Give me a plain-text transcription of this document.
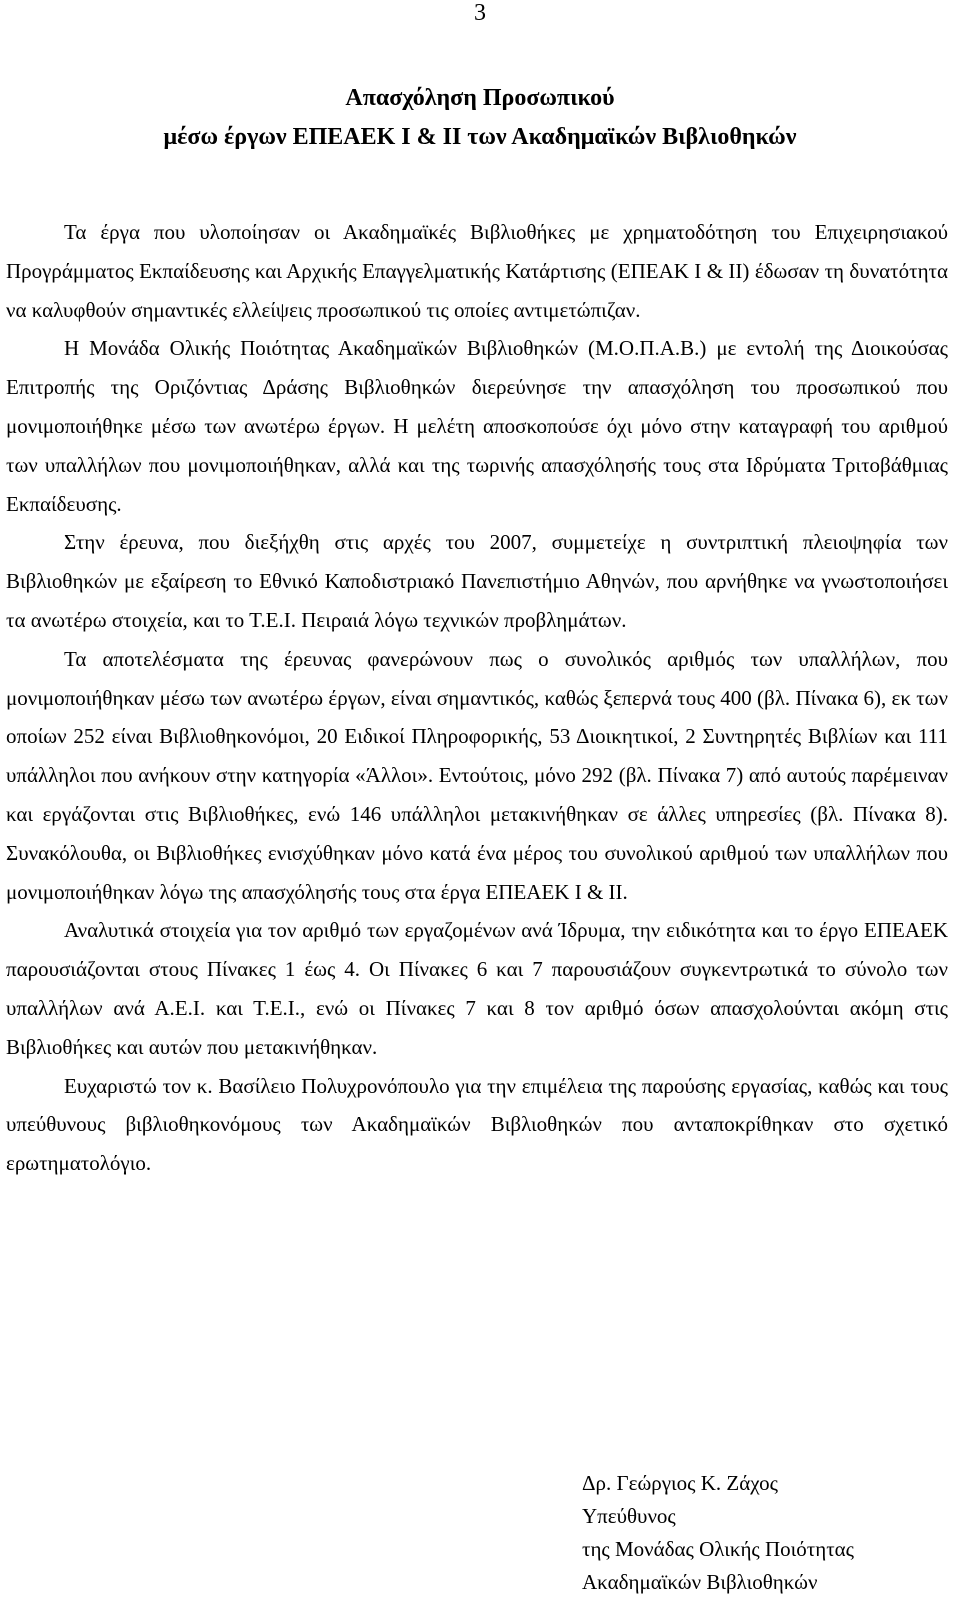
3
Απασχόληση Προσωπικού
μέσω έργων ΕΠΕΑΕΚ Ι & ΙΙ των Ακαδημαϊκών Βιβλιοθηκών

Τα έργα που υλοποίησαν οι Ακαδημαϊκές Βιβλιοθήκες με χρηματοδότηση του Επιχειρησιακού Προγράμματος Εκπαίδευσης και Αρχικής Επαγγελματικής Κατάρτισης (ΕΠΕΑΚ Ι & ΙΙ) έδωσαν τη δυνατότητα να καλυφθούν σημαντικές ελλείψεις προσωπικού τις οποίες αντιμετώπιζαν.

Η Μονάδα Ολικής Ποιότητας Ακαδημαϊκών Βιβλιοθηκών (Μ.Ο.Π.Α.Β.) με εντολή της Διοικούσας Επιτροπής της Οριζόντιας Δράσης Βιβλιοθηκών διερεύνησε την απασχόληση του προσωπικού που μονιμοποιήθηκε μέσω των ανωτέρω έργων. Η μελέτη αποσκοπούσε όχι μόνο στην καταγραφή του αριθμού των υπαλλήλων που μονιμοποιήθηκαν, αλλά και της τωρινής απασχόλησής τους στα Ιδρύματα Τριτοβάθμιας Εκπαίδευσης.

Στην έρευνα, που διεξήχθη στις αρχές του 2007, συμμετείχε η συντριπτική πλειοψηφία των Βιβλιοθηκών με εξαίρεση το Εθνικό Καποδιστριακό Πανεπιστήμιο Αθηνών, που αρνήθηκε να γνωστοποιήσει τα ανωτέρω στοιχεία, και το Τ.Ε.Ι. Πειραιά λόγω τεχνικών προβλημάτων.

Τα αποτελέσματα της έρευνας φανερώνουν πως ο συνολικός αριθμός των υπαλλήλων, που μονιμοποιήθηκαν μέσω των ανωτέρω έργων, είναι σημαντικός, καθώς ξεπερνά τους 400 (βλ. Πίνακα 6), εκ των οποίων 252 είναι Βιβλιοθηκονόμοι, 20 Ειδικοί Πληροφορικής, 53 Διοικητικοί, 2 Συντηρητές Βιβλίων και 111 υπάλληλοι που ανήκουν στην κατηγορία «Άλλοι». Εντούτοις, μόνο 292 (βλ. Πίνακα 7) από αυτούς παρέμειναν και εργάζονται στις Βιβλιοθήκες, ενώ 146 υπάλληλοι μετακινήθηκαν σε άλλες υπηρεσίες (βλ. Πίνακα 8). Συνακόλουθα, οι Βιβλιοθήκες ενισχύθηκαν μόνο κατά ένα μέρος του συνολικού αριθμού των υπαλλήλων που μονιμοποιήθηκαν λόγω της απασχόλησής τους στα έργα ΕΠΕΑΕΚ Ι & ΙΙ.

Αναλυτικά στοιχεία για τον αριθμό των εργαζομένων ανά Ίδρυμα, την ειδικότητα και το έργο ΕΠΕΑΕΚ παρουσιάζονται στους Πίνακες 1 έως 4. Οι Πίνακες 6 και 7 παρουσιάζουν συγκεντρωτικά το σύνολο των υπαλλήλων ανά Α.Ε.Ι. και Τ.Ε.Ι., ενώ οι Πίνακες 7 και 8 τον αριθμό όσων απασχολούνται ακόμη στις Βιβλιοθήκες και αυτών που μετακινήθηκαν.

Ευχαριστώ τον κ. Βασίλειο Πολυχρονόπουλο για την επιμέλεια της παρούσης εργασίας, καθώς και τους υπεύθυνους βιβλιοθηκονόμους των Ακαδημαϊκών Βιβλιοθηκών που ανταποκρίθηκαν στο σχετικό ερωτηματολόγιο.

Δρ. Γεώργιος Κ. Ζάχος
Υπεύθυνος
της Μονάδας Ολικής Ποιότητας
Ακαδημαϊκών Βιβλιοθηκών
